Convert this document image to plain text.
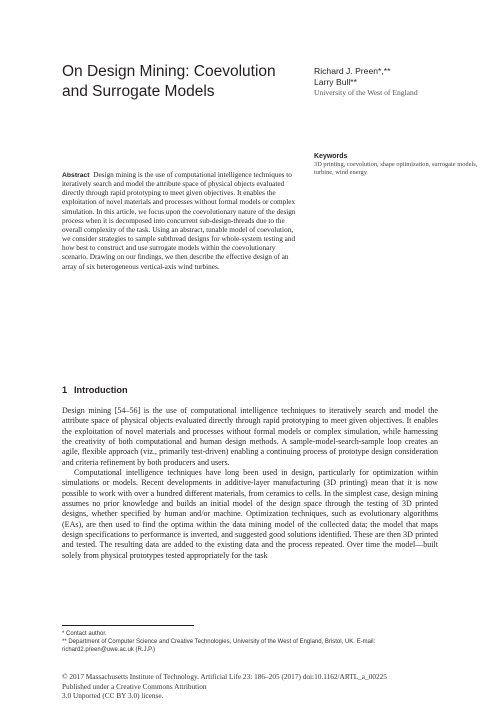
On Design Mining: Coevolution and Surrogate Models
Richard J. Preen*,**
Larry Bull**
University of the West of England
Keywords
3D printing, coevolution, shape optimization, surrogate models, turbine, wind energy
Abstract Design mining is the use of computational intelligence techniques to iteratively search and model the attribute space of physical objects evaluated directly through rapid prototyping to meet given objectives. It enables the exploitation of novel materials and processes without formal models or complex simulation. In this article, we focus upon the coevolutionary nature of the design process when it is decomposed into concurrent sub-design-threads due to the overall complexity of the task. Using an abstract, tunable model of coevolution, we consider strategies to sample subthread designs for whole-system testing and how best to construct and use surrogate models within the coevolutionary scenario. Drawing on our findings, we then describe the effective design of an array of six heterogeneous vertical-axis wind turbines.
1 Introduction

Design mining [54–56] is the use of computational intelligence techniques to iteratively search and model the attribute space of physical objects evaluated directly through rapid prototyping to meet given objectives. It enables the exploitation of novel materials and processes without formal models or complex simulation, while harnessing the creativity of both computational and human design methods. A sample-model-search-sample loop creates an agile, flexible approach (viz., primarily test-driven) enabling a continuing process of prototype design consideration and criteria refinement by both producers and users.

Computational intelligence techniques have long been used in design, particularly for optimization within simulations or models. Recent developments in additive-layer manufacturing (3D printing) mean that it is now possible to work with over a hundred different materials, from ceramics to cells. In the simplest case, design mining assumes no prior knowledge and builds an initial model of the design space through the testing of 3D printed designs, whether specified by human and/or machine. Optimization techniques, such as evolutionary algorithms (EAs), are then used to find the optima within the data mining model of the collected data; the model that maps design specifications to performance is inverted, and suggested good solutions identified. These are then 3D printed and tested. The resulting data are added to the existing data and the process repeated. Over time the model—built solely from physical prototypes tested appropriately for the task

* Contact author.
** Department of Computer Science and Creative Technologies, University of the West of England, Bristol, UK. E-mail: richard2.preen@uwe.ac.uk (R.J.P.)
© 2017 Massachusetts Institute of Technology. Artificial Life 23: 186–205 (2017) doi:10.1162/ARTL_a_00225
Published under a Creative Commons Attribution
3.0 Unported (CC BY 3.0) license.
